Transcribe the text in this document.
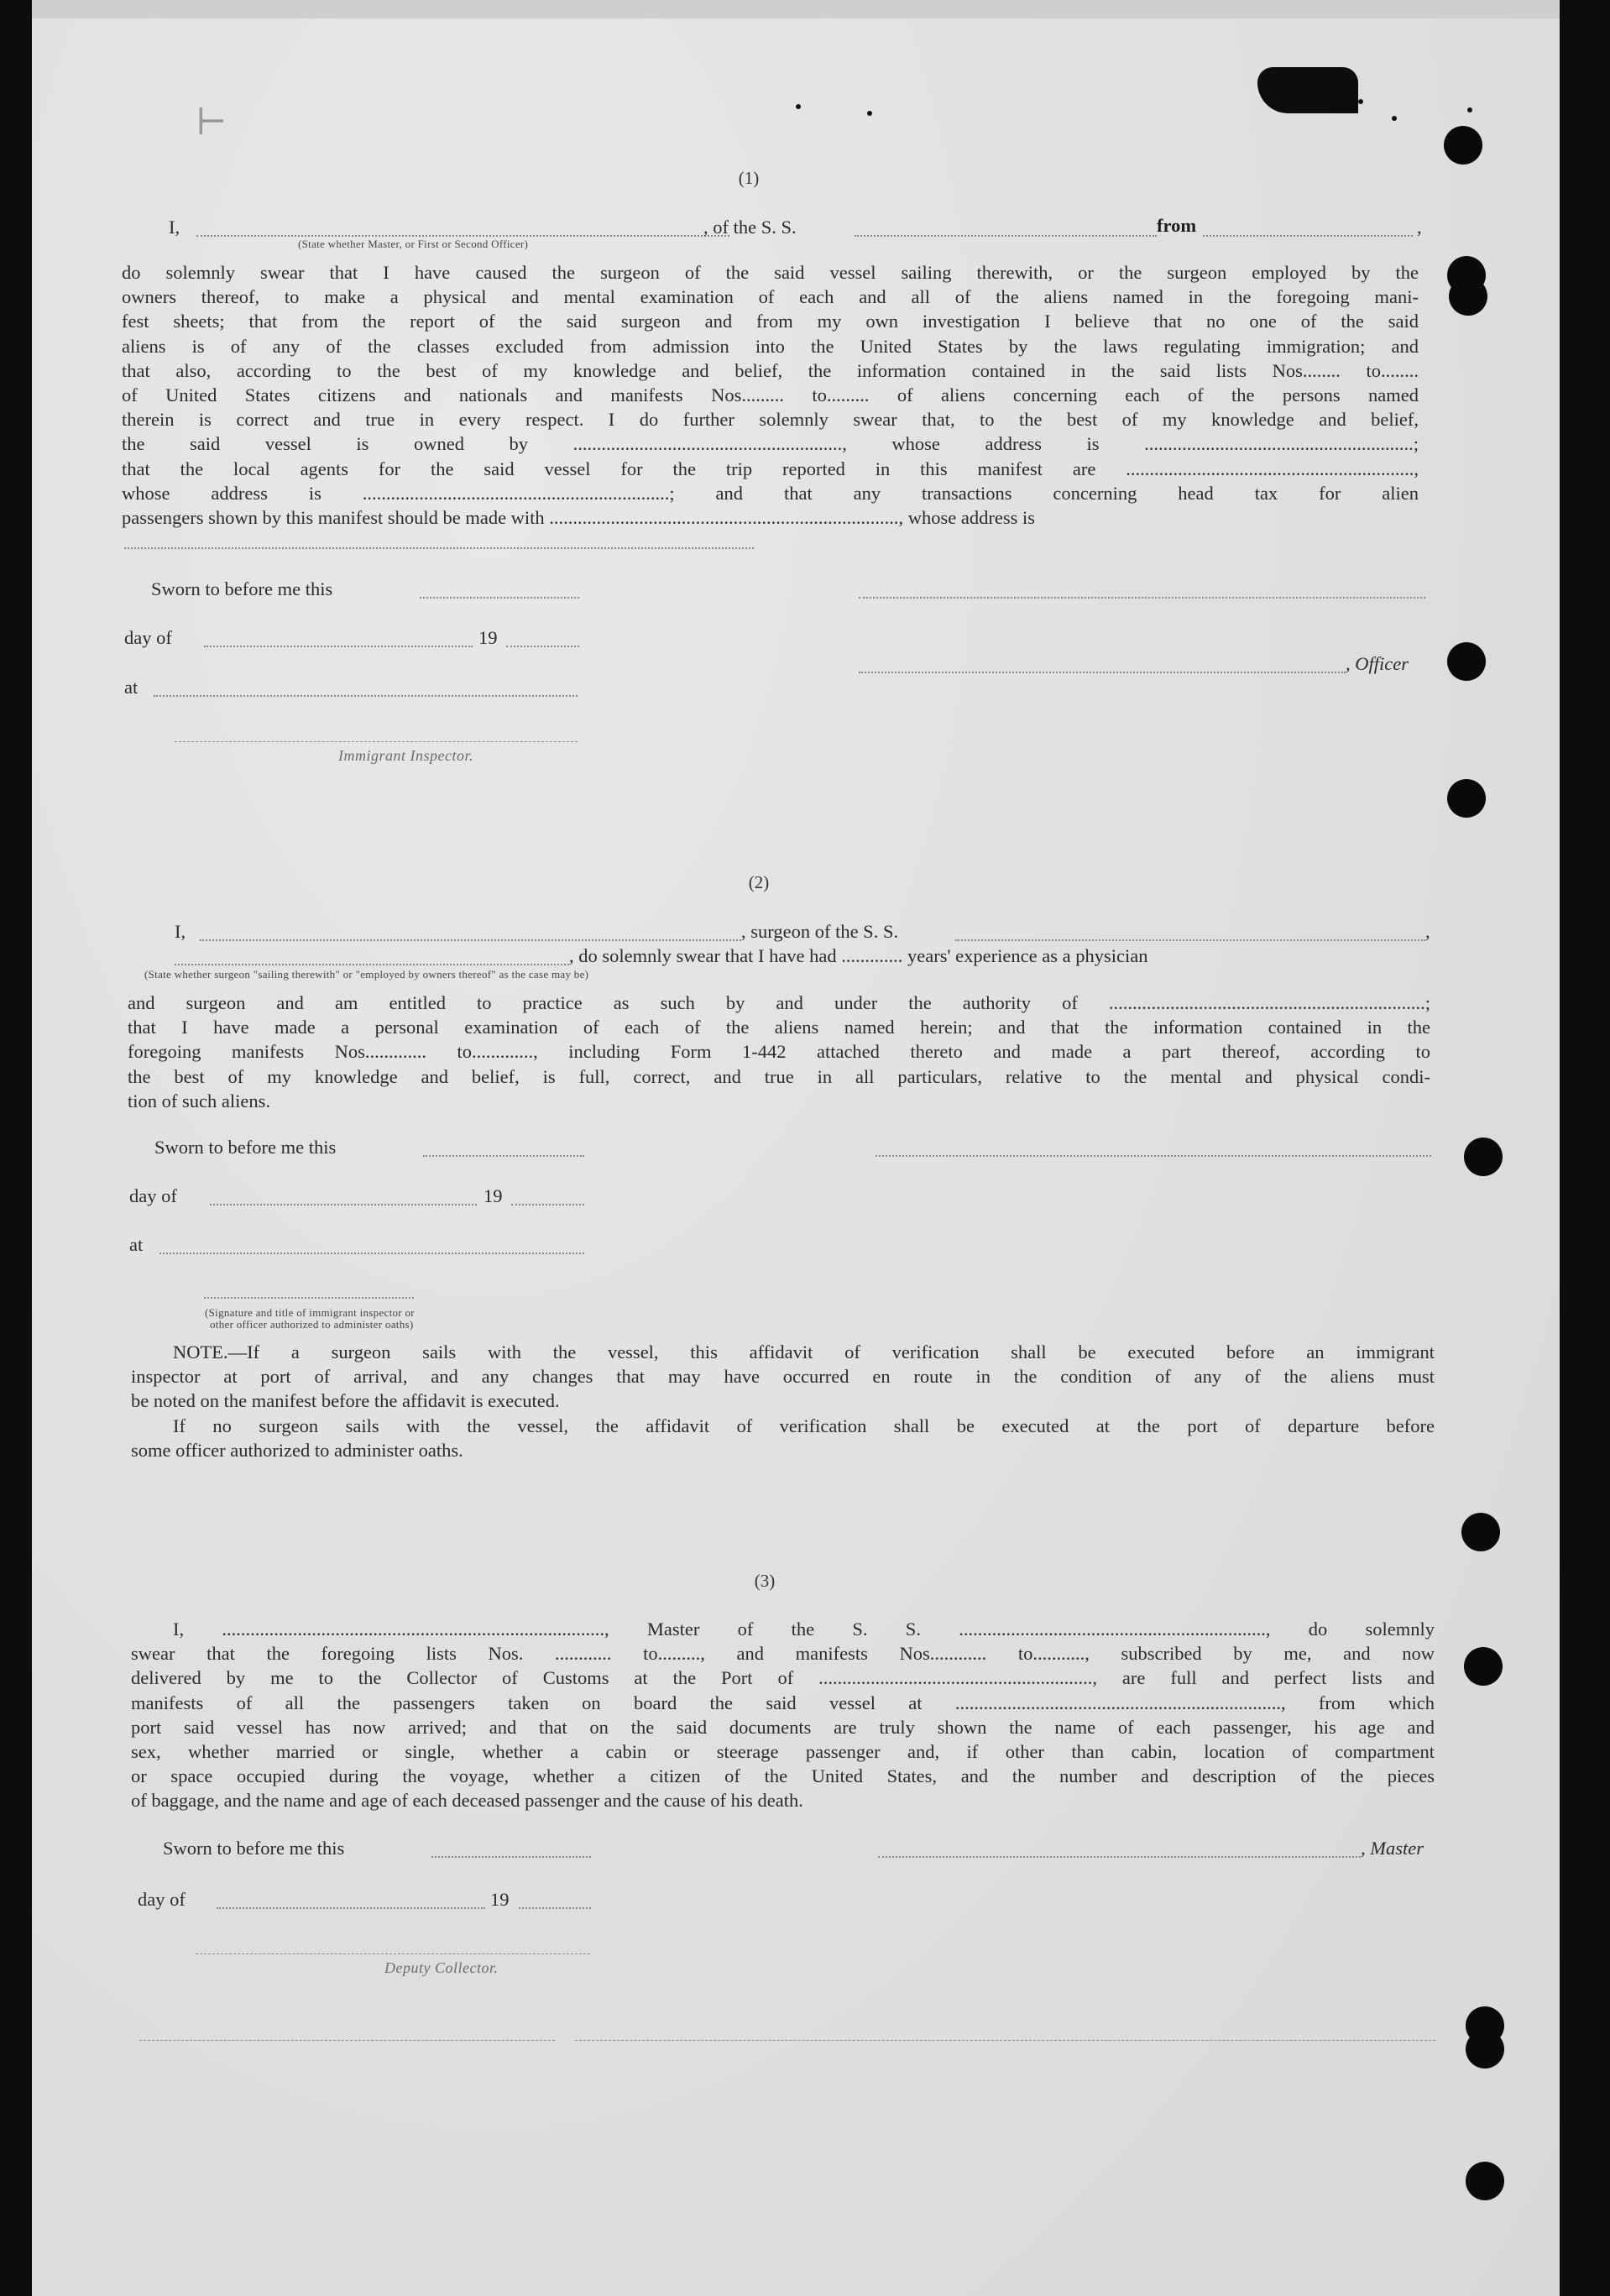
⊢
(1)
I,	, of the S. S.	from	,
(State whether Master, or First or Second Officer)
do solemnly swear that I have caused the surgeon of the said vessel sailing therewith, or the surgeon employed by the
owners thereof, to make a physical and mental examination of each and all of the aliens named in the foregoing mani-
fest sheets; that from the report of the said surgeon and from my own investigation I believe that no one of the said
aliens is of any of the classes excluded from admission into the United States by the laws regulating immigration; and
that also, according to the best of my knowledge and belief, the information contained in the said lists Nos........ to........
of United States citizens and nationals and manifests Nos......... to......... of aliens concerning each of the persons named
therein is correct and true in every respect. I do further solemnly swear that, to the best of my knowledge and belief,
the said vessel is owned by ........................................................., whose address is .........................................................;
that the local agents for the said vessel for the trip reported in this manifest are .............................................................,
whose address is .................................................................; and that any transactions concerning head tax for alien
passengers shown by this manifest should be made with .........................................................................., whose address is
Sworn to before me this
day of	19
, Officer
at
Immigrant Inspector.
(2)
I,	, surgeon of the S. S.	,
, do solemnly swear that I have had ............. years' experience as a physician
(State whether surgeon "sailing therewith" or "employed by owners thereof" as the case may be)
and surgeon and am entitled to practice as such by and under the authority of ...................................................................;
that I have made a personal examination of each of the aliens named herein; and that the information contained in the
foregoing manifests Nos............. to............., including Form 1-442 attached thereto and made a part thereof, according to
the best of my knowledge and belief, is full, correct, and true in all particulars, relative to the mental and physical condi-
tion of such aliens.
Sworn to before me this
day of	19
at
(Signature and title of immigrant inspector or
other officer authorized to administer oaths)
NOTE.—If a surgeon sails with the vessel, this affidavit of verification shall be executed before an immigrant
inspector at port of arrival, and any changes that may have occurred en route in the condition of any of the aliens must
be noted on the manifest before the affidavit is executed.
If no surgeon sails with the vessel, the affidavit of verification shall be executed at the port of departure before
some officer authorized to administer oaths.
(3)
I, ................................................................................., Master of the S. S. ................................................................., do solemnly
swear that the foregoing lists Nos. ............ to........., and manifests Nos............ to..........., subscribed by me, and now
delivered by me to the Collector of Customs at the Port of .........................................................., are full and perfect lists and
manifests of all the passengers taken on board the said vessel at ....................................................................., from which
port said vessel has now arrived; and that on the said documents are truly shown the name of each passenger, his age and
sex, whether married or single, whether a cabin or steerage passenger and, if other than cabin, location of compartment
or space occupied during the voyage, whether a citizen of the United States, and the number and description of the pieces
of baggage, and the name and age of each deceased passenger and the cause of his death.
Sworn to before me this	, Master
day of	19
Deputy Collector.
